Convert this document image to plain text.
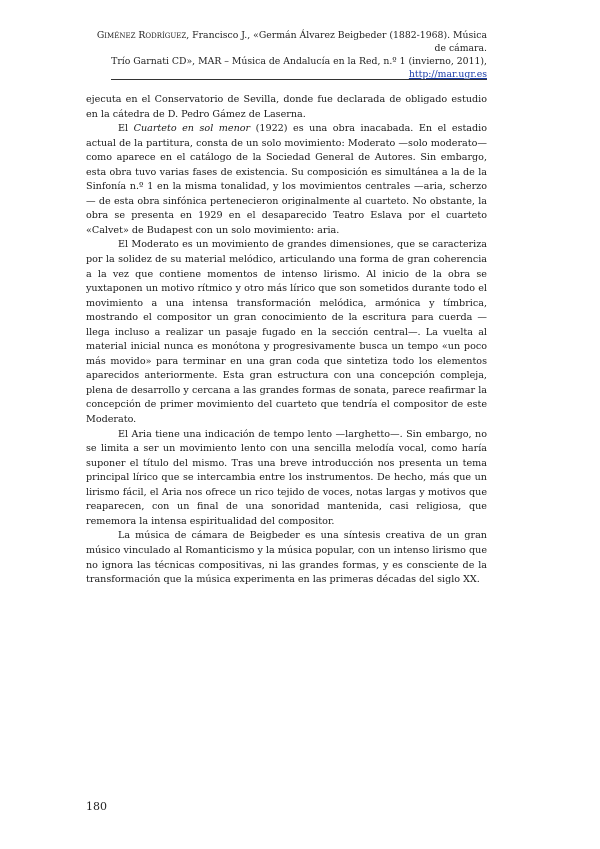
Giménez Rodríguez, Francisco J., «Germán Álvarez Beigbeder (1882-1968). Música de cámara.
Trío Garnati CD», MAR – Música de Andalucía en la Red, n.º 1 (invierno, 2011),
http://mar.ugr.es

ejecuta en el Conservatorio de Sevilla, donde fue declarada de obligado estudio en la cátedra de D. Pedro Gámez de Laserna.

El Cuarteto en sol menor (1922) es una obra inacabada. En el estadio actual de la partitura, consta de un solo movimiento: Moderato —solo moderato— como aparece en el catálogo de la Sociedad General de Autores. Sin embargo, esta obra tuvo varias fases de existencia. Su composición es simultánea a la de la Sinfonía n.º 1 en la misma tonalidad, y los movimientos centrales —aria, scherzo— de esta obra sinfónica pertenecieron originalmente al cuarteto. No obstante, la obra se presenta en 1929 en el desaparecido Teatro Eslava por el cuarteto «Calvet» de Budapest con un solo movimiento: aria.

El Moderato es un movimiento de grandes dimensiones, que se caracteriza por la solidez de su material melódico, articulando una forma de gran coherencia a la vez que contiene momentos de intenso lirismo. Al inicio de la obra se yuxtaponen un motivo rítmico y otro más lírico que son sometidos durante todo el movimiento a una intensa transformación melódica, armónica y tímbrica, mostrando el compositor un gran conocimiento de la escritura para cuerda —llega incluso a realizar un pasaje fugado en la sección central—. La vuelta al material inicial nunca es monótona y progresivamente busca un tempo «un poco más movido» para terminar en una gran coda que sintetiza todo los elementos aparecidos anteriormente. Esta gran estructura con una concepción compleja, plena de desarrollo y cercana a las grandes formas de sonata, parece reafirmar la concepción de primer movimiento del cuarteto que tendría el compositor de este Moderato.

El Aria tiene una indicación de tempo lento —larghetto—. Sin embargo, no se limita a ser un movimiento lento con una sencilla melodía vocal, como haría suponer el título del mismo. Tras una breve introducción nos presenta un tema principal lírico que se intercambia entre los instrumentos. De hecho, más que un lirismo fácil, el Aria nos ofrece un rico tejido de voces, notas largas y motivos que reaparecen, con un final de una sonoridad mantenida, casi religiosa, que rememora la intensa espiritualidad del compositor.

La música de cámara de Beigbeder es una síntesis creativa de un gran músico vinculado al Romanticismo y la música popular, con un intenso lirismo que no ignora las técnicas compositivas, ni las grandes formas, y es consciente de la transformación que la música experimenta en las primeras décadas del siglo XX.

180
